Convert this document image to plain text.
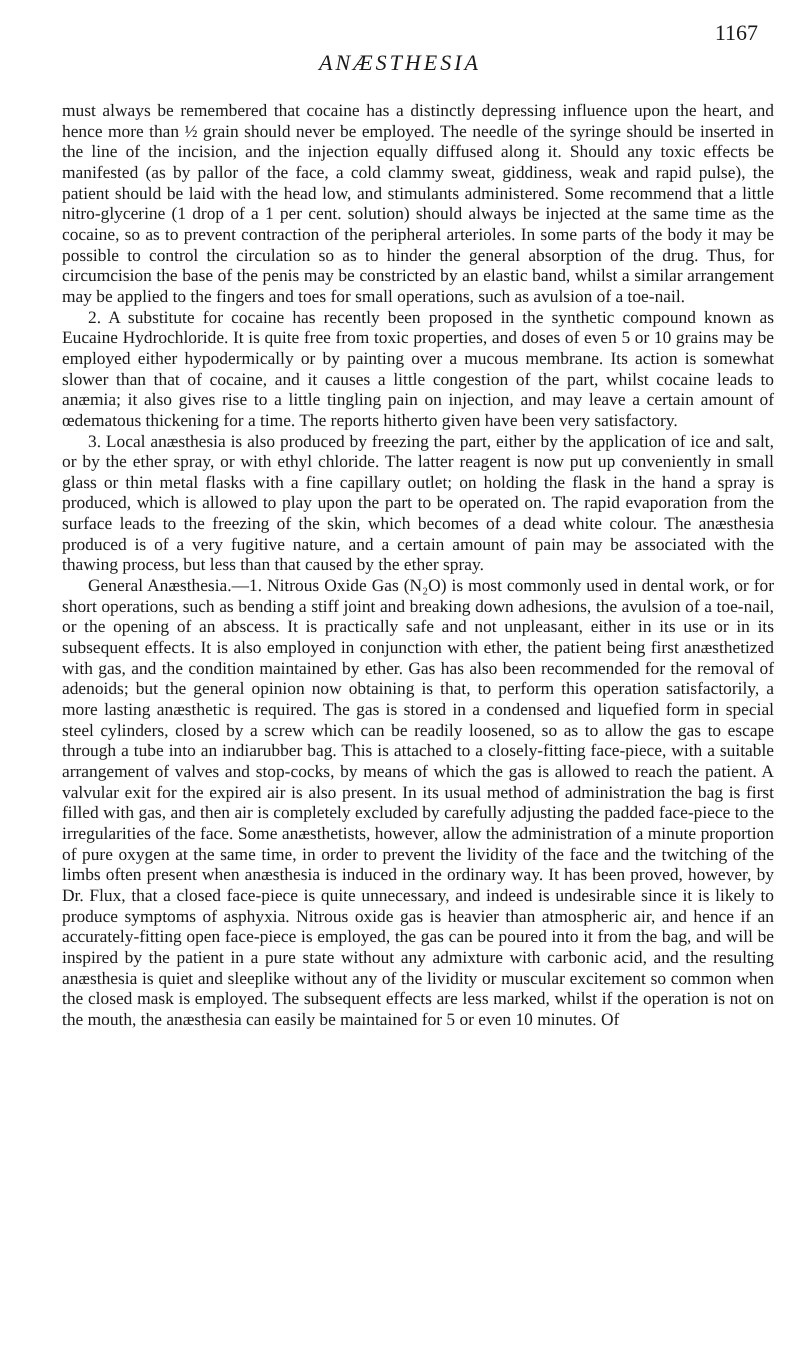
1167
ANÆSTHESIA

must always be remembered that cocaine has a distinctly depressing influence upon the heart, and hence more than ½ grain should never be employed. The needle of the syringe should be inserted in the line of the incision, and the injection equally diffused along it. Should any toxic effects be manifested (as by pallor of the face, a cold clammy sweat, giddiness, weak and rapid pulse), the patient should be laid with the head low, and stimulants administered. Some recommend that a little nitro-glycerine (1 drop of a 1 per cent. solution) should always be injected at the same time as the cocaine, so as to prevent contraction of the peripheral arterioles. In some parts of the body it may be possible to control the circulation so as to hinder the general absorption of the drug. Thus, for circumcision the base of the penis may be constricted by an elastic band, whilst a similar arrangement may be applied to the fingers and toes for small operations, such as avulsion of a toe-nail.

2. A substitute for cocaine has recently been proposed in the synthetic compound known as Eucaine Hydrochloride. It is quite free from toxic properties, and doses of even 5 or 10 grains may be employed either hypodermically or by painting over a mucous membrane. Its action is somewhat slower than that of cocaine, and it causes a little congestion of the part, whilst cocaine leads to anæmia; it also gives rise to a little tingling pain on injection, and may leave a certain amount of œdematous thickening for a time. The reports hitherto given have been very satisfactory.

3. Local anæsthesia is also produced by freezing the part, either by the application of ice and salt, or by the ether spray, or with ethyl chloride. The latter reagent is now put up conveniently in small glass or thin metal flasks with a fine capillary outlet; on holding the flask in the hand a spray is produced, which is allowed to play upon the part to be operated on. The rapid evaporation from the surface leads to the freezing of the skin, which becomes of a dead white colour. The anæsthesia produced is of a very fugitive nature, and a certain amount of pain may be associated with the thawing process, but less than that caused by the ether spray.

General Anæsthesia.—1. Nitrous Oxide Gas (N₂O) is most commonly used in dental work, or for short operations, such as bending a stiff joint and breaking down adhesions, the avulsion of a toe-nail, or the opening of an abscess. It is practically safe and not unpleasant, either in its use or in its subsequent effects. It is also employed in conjunction with ether, the patient being first anæsthetized with gas, and the condition maintained by ether. Gas has also been recommended for the removal of adenoids; but the general opinion now obtaining is that, to perform this operation satisfactorily, a more lasting anæsthetic is required. The gas is stored in a condensed and liquefied form in special steel cylinders, closed by a screw which can be readily loosened, so as to allow the gas to escape through a tube into an indiarubber bag. This is attached to a closely-fitting face-piece, with a suitable arrangement of valves and stop-cocks, by means of which the gas is allowed to reach the patient. A valvular exit for the expired air is also present. In its usual method of administration the bag is first filled with gas, and then air is completely excluded by carefully adjusting the padded face-piece to the irregularities of the face. Some anæsthetists, however, allow the administration of a minute proportion of pure oxygen at the same time, in order to prevent the lividity of the face and the twitching of the limbs often present when anæsthesia is induced in the ordinary way. It has been proved, however, by Dr. Flux, that a closed face-piece is quite unnecessary, and indeed is undesirable since it is likely to produce symptoms of asphyxia. Nitrous oxide gas is heavier than atmospheric air, and hence if an accurately-fitting open face-piece is employed, the gas can be poured into it from the bag, and will be inspired by the patient in a pure state without any admixture with carbonic acid, and the resulting anæsthesia is quiet and sleeplike without any of the lividity or muscular excitement so common when the closed mask is employed. The subsequent effects are less marked, whilst if the operation is not on the mouth, the anæsthesia can easily be maintained for 5 or even 10 minutes. Of
